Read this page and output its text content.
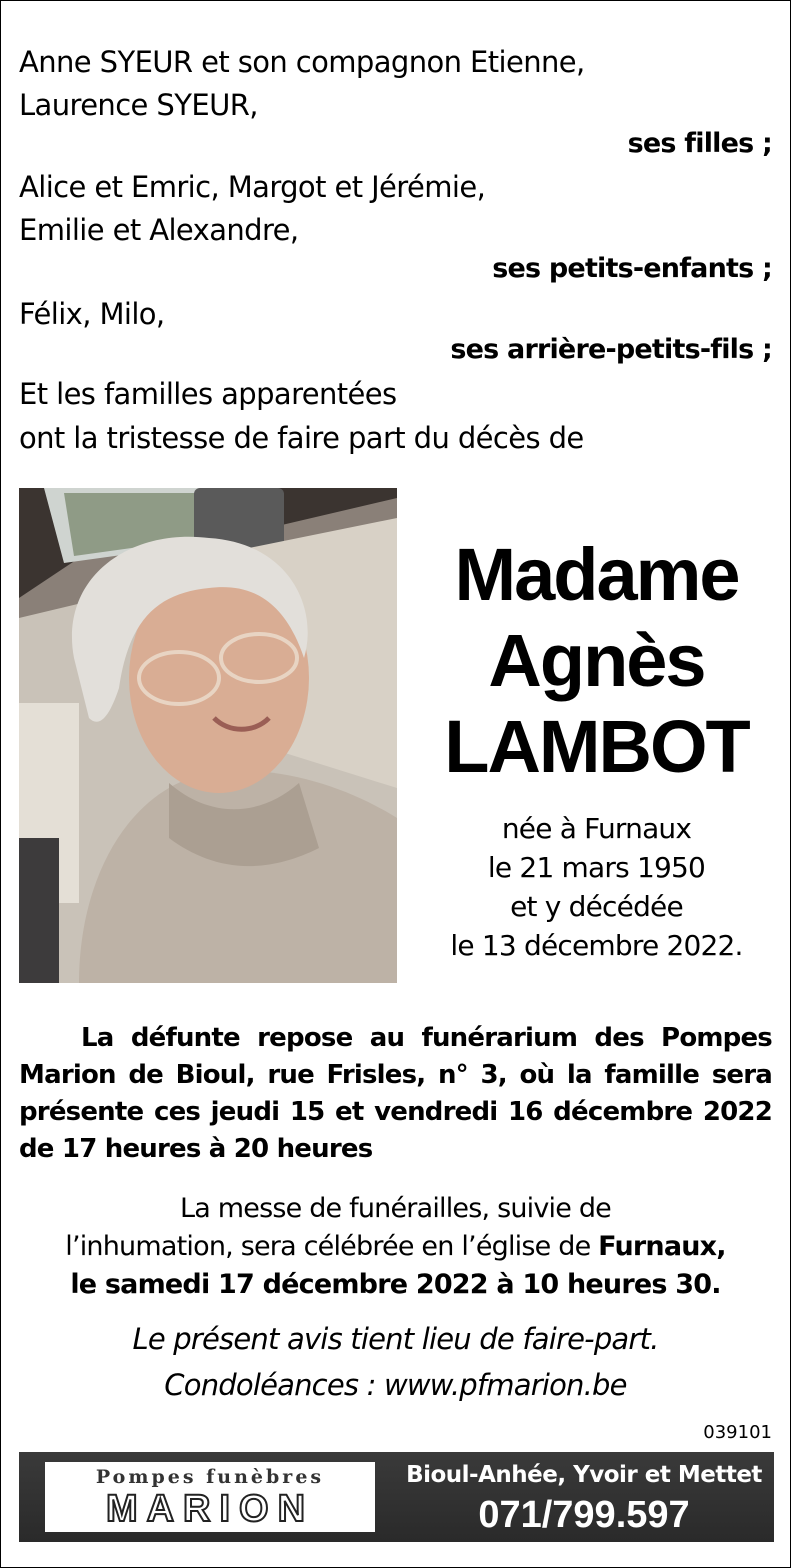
Anne SYEUR et son compagnon Etienne,
Laurence SYEUR,
ses filles ;
Alice et Emric, Margot et Jérémie,
Emilie et Alexandre,
ses petits-enfants ;
Félix, Milo,
ses arrière-petits-fils ;
Et les familles apparentées
ont la tristesse de faire part du décès de
Madame
Agnès
LAMBOT
née à Furnaux
le 21 mars 1950
et y décédée
le 13 décembre 2022.
La défunte repose au funérarium des Pompes Marion de Bioul, rue Frisles, n° 3, où la famille sera présente ces jeudi 15 et vendredi 16 décembre 2022 de 17 heures à 20 heures
La messe de funérailles, suivie de
l’inhumation, sera célébrée en l’église de Furnaux,
le samedi 17 décembre 2022 à 10 heures 30.
Le présent avis tient lieu de faire-part.
Condoléances : www.pfmarion.be
039101
Pompes funèbres
MARION
Bioul-Anhée, Yvoir et Mettet
071/799.597
